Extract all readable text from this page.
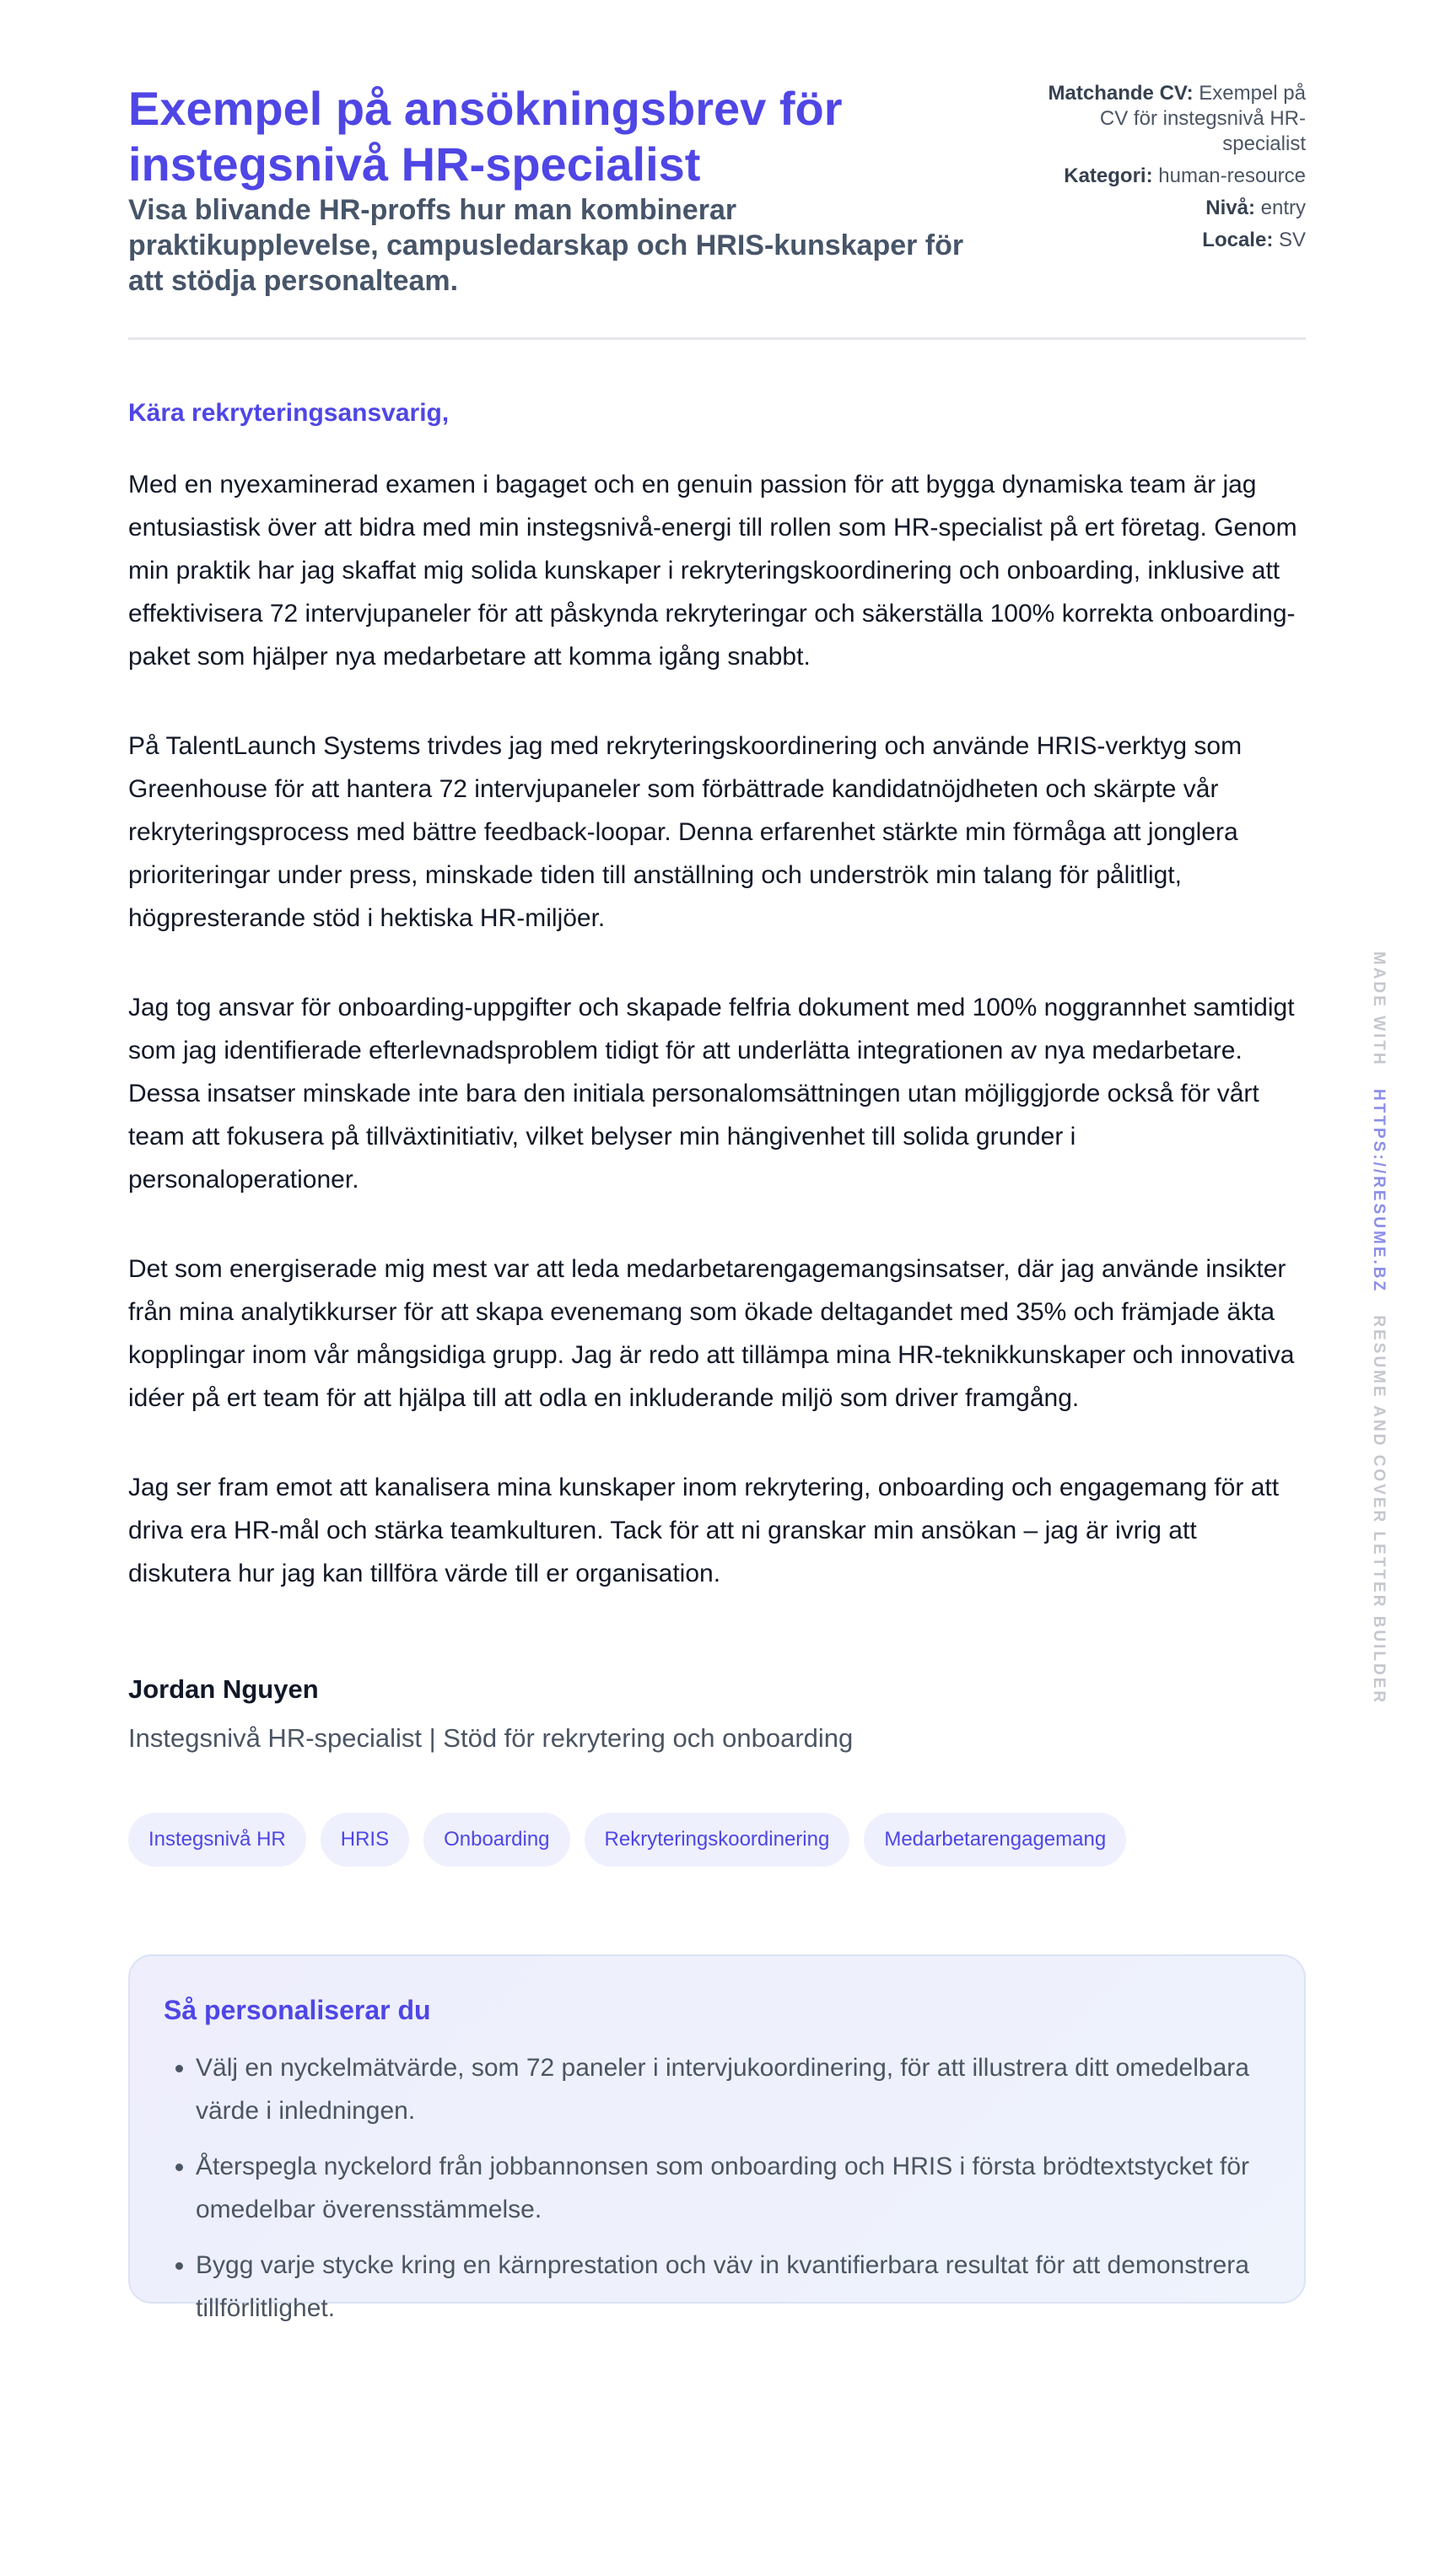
Exempel på ansökningsbrev för instegsnivå HR-specialist

Visa blivande HR-proffs hur man kombinerar praktikupplevelse, campusledarskap och HRIS-kunskaper för att stödja personalteam.

Matchande CV: Exempel på CV för instegsnivå HR-specialist
Kategori: human-resource
Nivå: entry
Locale: SV
Kära rekryteringsansvarig,

Med en nyexaminerad examen i bagaget och en genuin passion för att bygga dynamiska team är jag entusiastisk över att bidra med min instegsnivå-energi till rollen som HR-specialist på ert företag. Genom min praktik har jag skaffat mig solida kunskaper i rekryteringskoordinering och onboarding, inklusive att effektivisera 72 intervjupaneler för att påskynda rekryteringar och säkerställa 100% korrekta onboarding-paket som hjälper nya medarbetare att komma igång snabbt.

På TalentLaunch Systems trivdes jag med rekryteringskoordinering och använde HRIS-verktyg som Greenhouse för att hantera 72 intervjupaneler som förbättrade kandidatnöjdheten och skärpte vår rekryteringsprocess med bättre feedback-loopar. Denna erfarenhet stärkte min förmåga att jonglera prioriteringar under press, minskade tiden till anställning och underströk min talang för pålitligt, högpresterande stöd i hektiska HR-miljöer.

Jag tog ansvar för onboarding-uppgifter och skapade felfria dokument med 100% noggrannhet samtidigt som jag identifierade efterlevnadsproblem tidigt för att underlätta integrationen av nya medarbetare. Dessa insatser minskade inte bara den initiala personalomsättningen utan möjliggjorde också för vårt team att fokusera på tillväxtinitiativ, vilket belyser min hängivenhet till solida grunder i personaloperationer.

Det som energiserade mig mest var att leda medarbetarengagemangsinsatser, där jag använde insikter från mina analytikkurser för att skapa evenemang som ökade deltagandet med 35% och främjade äkta kopplingar inom vår mångsidiga grupp. Jag är redo att tillämpa mina HR-teknikkunskaper och innovativa idéer på ert team för att hjälpa till att odla en inkluderande miljö som driver framgång.

Jag ser fram emot att kanalisera mina kunskaper inom rekrytering, onboarding och engagemang för att driva era HR-mål och stärka teamkulturen. Tack för att ni granskar min ansökan – jag är ivrig att diskutera hur jag kan tillföra värde till er organisation.

Jordan Nguyen
Instegsnivå HR-specialist | Stöd för rekrytering och onboarding
Instegsnivå HR	HRIS	Onboarding	Rekryteringskoordinering	Medarbetarengagemang
Så personaliserar du
• Välj en nyckelmätvärde, som 72 paneler i intervjukoordinering, för att illustrera ditt omedelbara värde i inledningen.
• Återspegla nyckelord från jobbannonsen som onboarding och HRIS i första brödtextstycket för omedelbar överensstämmelse.
• Bygg varje stycke kring en kärnprestation och väv in kvantifierbara resultat för att demonstrera tillförlitlighet.
MADE WITH HTTPS://RESUME.BZ RESUME AND COVER LETTER BUILDER
